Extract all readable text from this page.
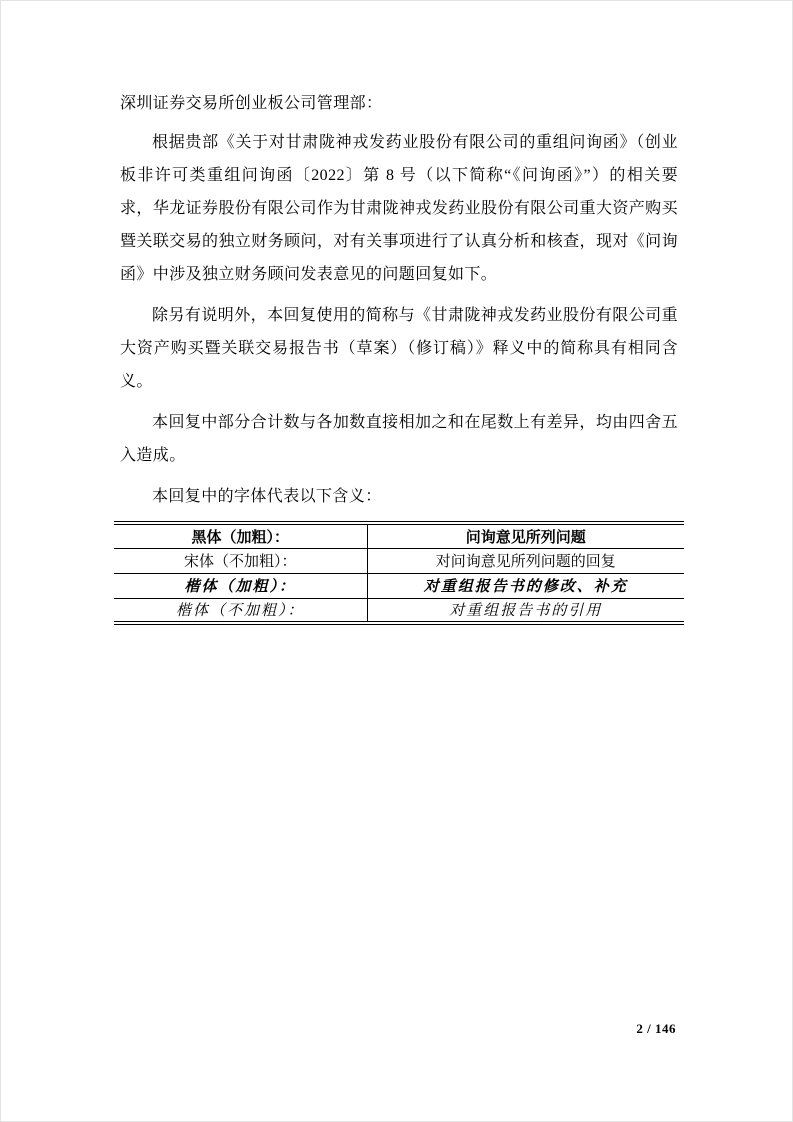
深圳证券交易所创业板公司管理部：

根据贵部《关于对甘肃陇神戎发药业股份有限公司的重组问询函》（创业板非许可类重组问询函〔2022〕第 8 号（以下简称“《问询函》”）的相关要求，华龙证券股份有限公司作为甘肃陇神戎发药业股份有限公司重大资产购买暨关联交易的独立财务顾问，对有关事项进行了认真分析和核查，现对《问询函》中涉及独立财务顾问发表意见的问题回复如下。

除另有说明外，本回复使用的简称与《甘肃陇神戎发药业股份有限公司重大资产购买暨关联交易报告书（草案）（修订稿）》释义中的简称具有相同含义。

本回复中部分合计数与各加数直接相加之和在尾数上有差异，均由四舍五入造成。

本回复中的字体代表以下含义：

黑体（加粗）：	问询意见所列问题
宋体（不加粗）：	对问询意见所列问题的回复
楷体（加粗）：	对重组报告书的修改、补充
楷体（不加粗）：	对重组报告书的引用
2 / 146
